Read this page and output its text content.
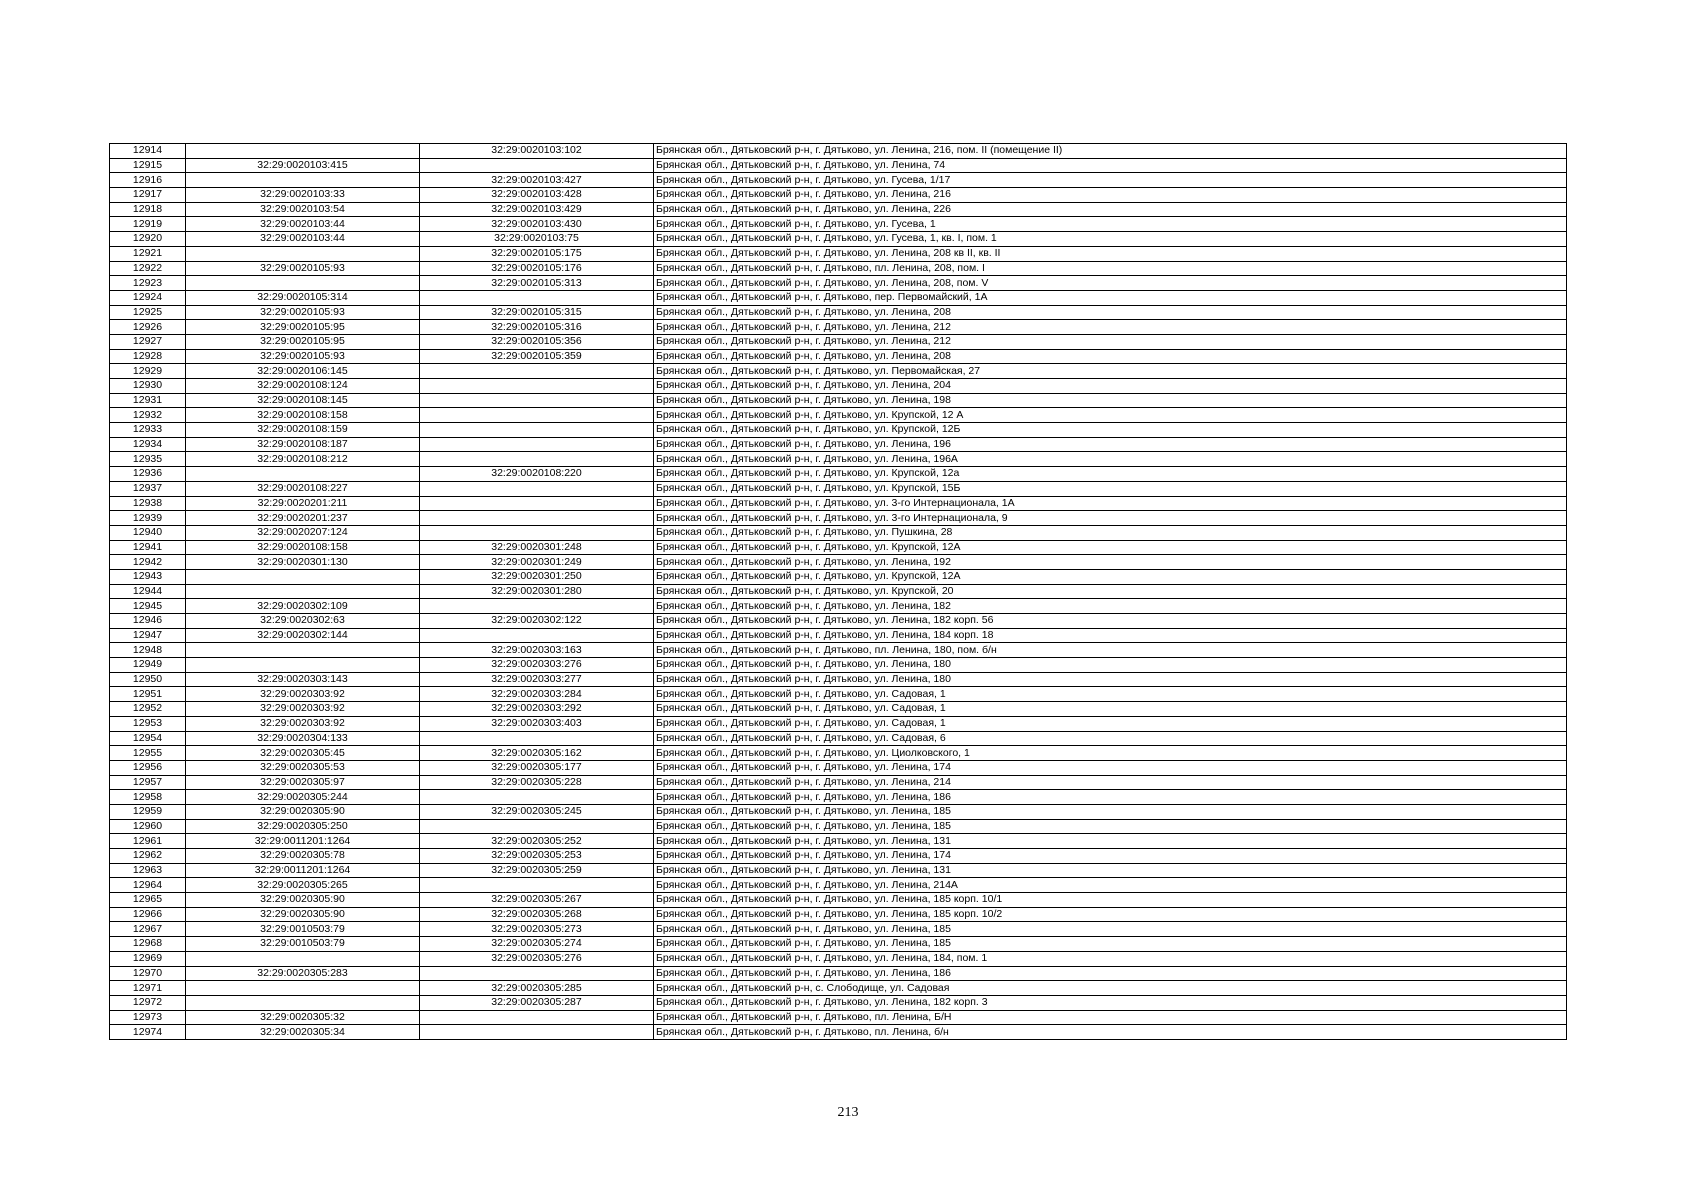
12914		32:29:0020103:102	Брянская обл., Дятьковский р-н, г. Дятьково, ул. Ленина, 216, пом. II (помещение II)
12915	32:29:0020103:415		Брянская обл., Дятьковский р-н, г. Дятьково, ул. Ленина, 74
12916		32:29:0020103:427	Брянская обл., Дятьковский р-н, г. Дятьково, ул. Гусева, 1/17
12917	32:29:0020103:33	32:29:0020103:428	Брянская обл., Дятьковский р-н, г. Дятьково, ул. Ленина, 216
12918	32:29:0020103:54	32:29:0020103:429	Брянская обл., Дятьковский р-н, г. Дятьково, ул. Ленина, 226
12919	32:29:0020103:44	32:29:0020103:430	Брянская обл., Дятьковский р-н, г. Дятьково, ул. Гусева, 1
12920	32:29:0020103:44	32:29:0020103:75	Брянская обл., Дятьковский р-н, г. Дятьково, ул. Гусева, 1, кв. I, пом. 1
12921		32:29:0020105:175	Брянская обл., Дятьковский р-н, г. Дятьково, ул. Ленина, 208 кв II, кв. II
12922	32:29:0020105:93	32:29:0020105:176	Брянская обл., Дятьковский р-н, г. Дятьково, пл. Ленина, 208, пом. I
12923		32:29:0020105:313	Брянская обл., Дятьковский р-н, г. Дятьково, ул. Ленина, 208, пом. V
12924	32:29:0020105:314		Брянская обл., Дятьковский р-н, г. Дятьково, пер. Первомайский, 1А
12925	32:29:0020105:93	32:29:0020105:315	Брянская обл., Дятьковский р-н, г. Дятьково, ул. Ленина, 208
12926	32:29:0020105:95	32:29:0020105:316	Брянская обл., Дятьковский р-н, г. Дятьково, ул. Ленина, 212
12927	32:29:0020105:95	32:29:0020105:356	Брянская обл., Дятьковский р-н, г. Дятьково, ул. Ленина, 212
12928	32:29:0020105:93	32:29:0020105:359	Брянская обл., Дятьковский р-н, г. Дятьково, ул. Ленина, 208
12929	32:29:0020106:145		Брянская обл., Дятьковский р-н, г. Дятьково, ул. Первомайская, 27
12930	32:29:0020108:124		Брянская обл., Дятьковский р-н, г. Дятьково, ул. Ленина, 204
12931	32:29:0020108:145		Брянская обл., Дятьковский р-н, г. Дятьково, ул. Ленина, 198
12932	32:29:0020108:158		Брянская обл., Дятьковский р-н, г. Дятьково, ул. Крупской, 12 А
12933	32:29:0020108:159		Брянская обл., Дятьковский р-н, г. Дятьково, ул. Крупской, 12Б
12934	32:29:0020108:187		Брянская обл., Дятьковский р-н, г. Дятьково, ул. Ленина, 196
12935	32:29:0020108:212		Брянская обл., Дятьковский р-н, г. Дятьково, ул. Ленина, 196А
12936		32:29:0020108:220	Брянская обл., Дятьковский р-н, г. Дятьково, ул. Крупской, 12а
12937	32:29:0020108:227		Брянская обл., Дятьковский р-н, г. Дятьково, ул. Крупской, 15Б
12938	32:29:0020201:211		Брянская обл., Дятьковский р-н, г. Дятьково, ул. 3-го Интернационала, 1А
12939	32:29:0020201:237		Брянская обл., Дятьковский р-н, г. Дятьково, ул. 3-го Интернационала, 9
12940	32:29:0020207:124		Брянская обл., Дятьковский р-н, г. Дятьково, ул. Пушкина, 28
12941	32:29:0020108:158	32:29:0020301:248	Брянская обл., Дятьковский р-н, г. Дятьково, ул. Крупской, 12А
12942	32:29:0020301:130	32:29:0020301:249	Брянская обл., Дятьковский р-н, г. Дятьково, ул. Ленина, 192
12943		32:29:0020301:250	Брянская обл., Дятьковский р-н, г. Дятьково, ул. Крупской, 12А
12944		32:29:0020301:280	Брянская обл., Дятьковский р-н, г. Дятьково, ул. Крупской, 20
12945	32:29:0020302:109		Брянская обл., Дятьковский р-н, г. Дятьково, ул. Ленина, 182
12946	32:29:0020302:63	32:29:0020302:122	Брянская обл., Дятьковский р-н, г. Дятьково, ул. Ленина, 182 корп. 56
12947	32:29:0020302:144		Брянская обл., Дятьковский р-н, г. Дятьково, ул. Ленина, 184 корп. 18
12948		32:29:0020303:163	Брянская обл., Дятьковский р-н, г. Дятьково, пл. Ленина, 180, пом. б/н
12949		32:29:0020303:276	Брянская обл., Дятьковский р-н, г. Дятьково, ул. Ленина, 180
12950	32:29:0020303:143	32:29:0020303:277	Брянская обл., Дятьковский р-н, г. Дятьково, ул. Ленина, 180
12951	32:29:0020303:92	32:29:0020303:284	Брянская обл., Дятьковский р-н, г. Дятьково, ул. Садовая, 1
12952	32:29:0020303:92	32:29:0020303:292	Брянская обл., Дятьковский р-н, г. Дятьково, ул. Садовая, 1
12953	32:29:0020303:92	32:29:0020303:403	Брянская обл., Дятьковский р-н, г. Дятьково, ул. Садовая, 1
12954	32:29:0020304:133		Брянская обл., Дятьковский р-н, г. Дятьково, ул. Садовая, 6
12955	32:29:0020305:45	32:29:0020305:162	Брянская обл., Дятьковский р-н, г. Дятьково, ул. Циолковского, 1
12956	32:29:0020305:53	32:29:0020305:177	Брянская обл., Дятьковский р-н, г. Дятьково, ул. Ленина, 174
12957	32:29:0020305:97	32:29:0020305:228	Брянская обл., Дятьковский р-н, г. Дятьково, ул. Ленина, 214
12958	32:29:0020305:244		Брянская обл., Дятьковский р-н, г. Дятьково, ул. Ленина, 186
12959	32:29:0020305:90	32:29:0020305:245	Брянская обл., Дятьковский р-н, г. Дятьково, ул. Ленина, 185
12960	32:29:0020305:250		Брянская обл., Дятьковский р-н, г. Дятьково, ул. Ленина, 185
12961	32:29:0011201:1264	32:29:0020305:252	Брянская обл., Дятьковский р-н, г. Дятьково, ул. Ленина, 131
12962	32:29:0020305:78	32:29:0020305:253	Брянская обл., Дятьковский р-н, г. Дятьково, ул. Ленина, 174
12963	32:29:0011201:1264	32:29:0020305:259	Брянская обл., Дятьковский р-н, г. Дятьково, ул. Ленина, 131
12964	32:29:0020305:265		Брянская обл., Дятьковский р-н, г. Дятьково, ул. Ленина, 214А
12965	32:29:0020305:90	32:29:0020305:267	Брянская обл., Дятьковский р-н, г. Дятьково, ул. Ленина, 185 корп. 10/1
12966	32:29:0020305:90	32:29:0020305:268	Брянская обл., Дятьковский р-н, г. Дятьково, ул. Ленина, 185 корп. 10/2
12967	32:29:0010503:79	32:29:0020305:273	Брянская обл., Дятьковский р-н, г. Дятьково, ул. Ленина, 185
12968	32:29:0010503:79	32:29:0020305:274	Брянская обл., Дятьковский р-н, г. Дятьково, ул. Ленина, 185
12969		32:29:0020305:276	Брянская обл., Дятьковский р-н, г. Дятьково, ул. Ленина, 184, пом. 1
12970	32:29:0020305:283		Брянская обл., Дятьковский р-н, г. Дятьково, ул. Ленина, 186
12971		32:29:0020305:285	Брянская обл., Дятьковский р-н, с. Слободище, ул. Садовая
12972		32:29:0020305:287	Брянская обл., Дятьковский р-н, г. Дятьково, ул. Ленина, 182 корп. 3
12973	32:29:0020305:32		Брянская обл., Дятьковский р-н, г. Дятьково, пл. Ленина, Б/Н
12974	32:29:0020305:34		Брянская обл., Дятьковский р-н, г. Дятьково, пл. Ленина, б/н
213
